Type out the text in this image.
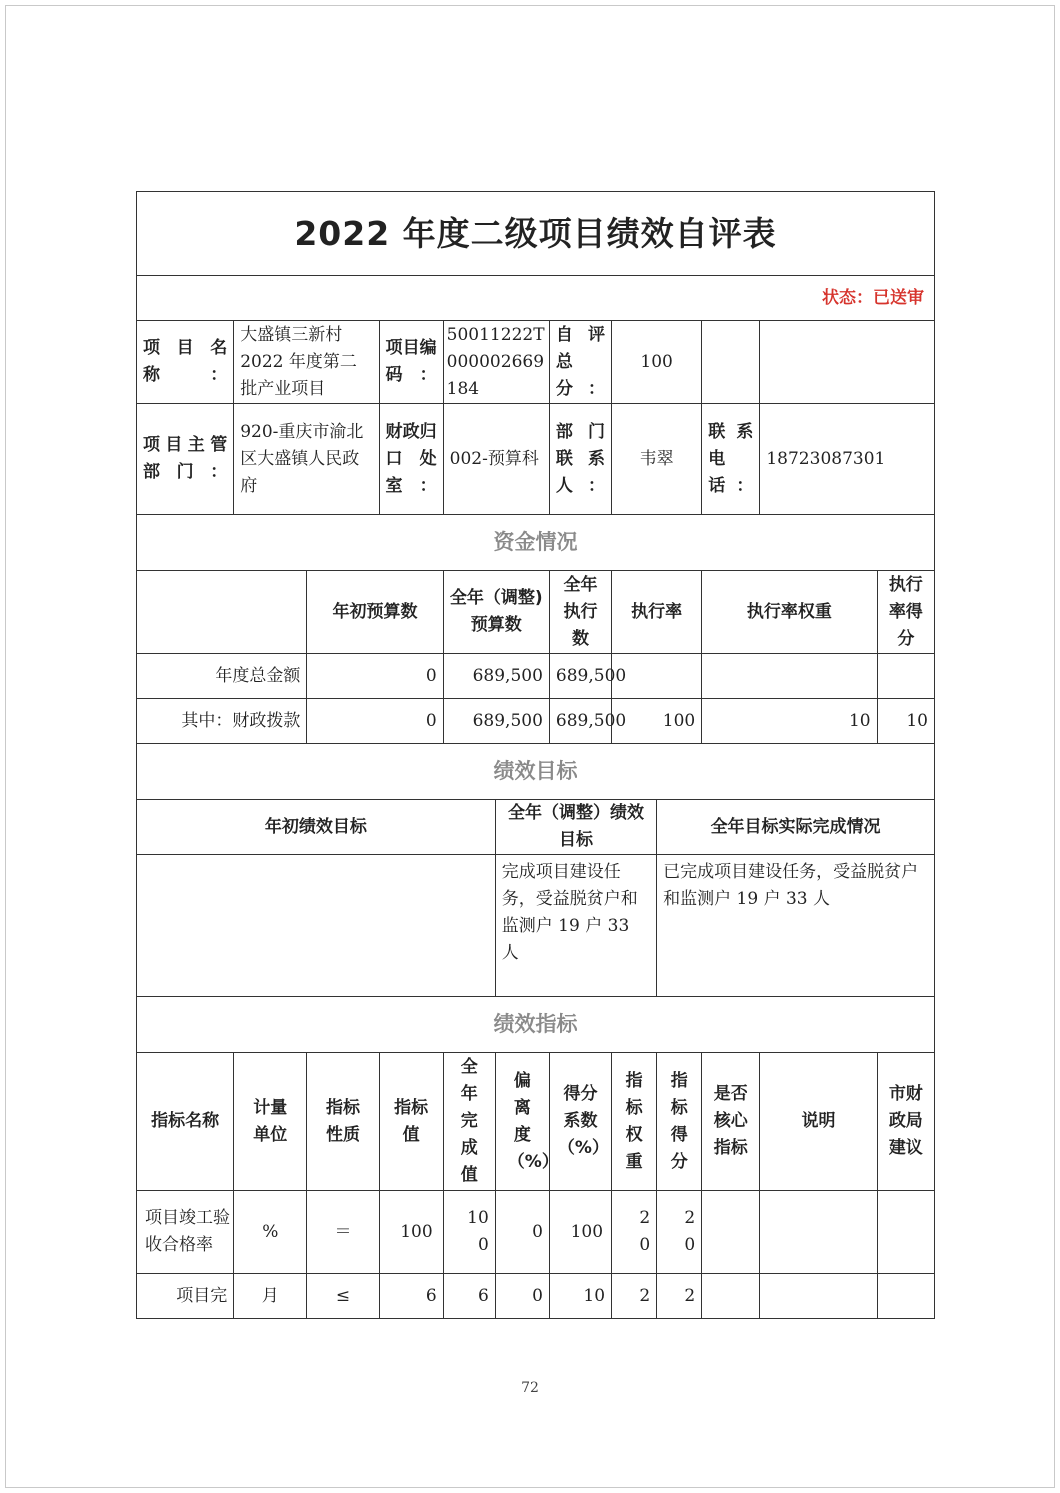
2022 年度二级项目绩效自评表											
状态：已送审											
项目名称：	大盛镇三新村 2022 年度第二批产业项目		项目编码：	50011222T000002669184		自评总分：	100				
项目主管部门：	920-重庆市渝北区大盛镇人民政府		财政归口处室：	002-预算科		部门联系人：	韦翠		联系电话：	18723087301	
资金情况											
		年初预算数		全年（调整)预算数		全年执行数	执行率		执行率权重		执行率得分
年度总金额		0		689,500		689,500					
其中：财政拨款		0		689,500		689,500	100		10		10
绩效目标											
年初绩效目标					全年（调整）绩效目标			全年目标实际完成情况			
					完成项目建设任务，受益脱贫户和监测户 19 户 33 人			已完成项目建设任务，受益脱贫户和监测户 19 户 33 人			
绩效指标											
指标名称	计量单位	指标性质	指标值	全年完成值	偏离度（%）	得分系数（%）	指标权重	指标得分	是否核心指标	说明	市财政局建议
项目竣工验收合格率	%	＝	100	100	0	100	20	20			
项目完	月	≤	6	6	0	10	2	2			
72
